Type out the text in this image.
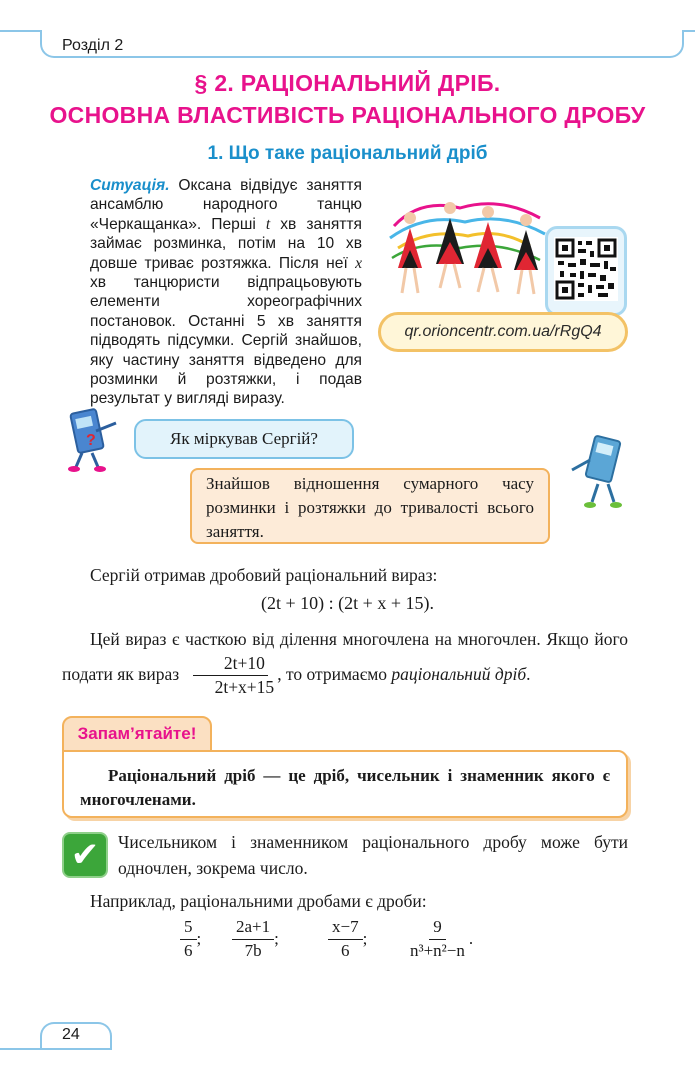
Розділ 2
§ 2. РАЦІОНАЛЬНИЙ ДРІБ.
ОСНОВНА ВЛАСТИВІСТЬ РАЦІОНАЛЬНОГО ДРОБУ
1. Що таке раціональний дріб
Ситуація. Оксана відвідує заняття ансамблю народного танцю «Черкащанка». Перші t хв заняття займає розминка, потім на 10 хв довше триває розтяжка. Після неї x хв танцюристи відпрацьовують елементи хореографічних постановок. Останні 5 хв заняття підводять підсумки. Сергій знайшов, яку частину заняття відведено для розминки й розтяжки, і подав результат у вигляді виразу.
qr.orioncentr.com.ua/rRgQ4
?	Як міркував Сергій?
Знайшов відношення сумарного часу розминки і розтяжки до тривалості всього заняття.
Сергій отримав дробовий раціональний вираз:
(2t + 10) : (2t + x + 15).
Цей вираз є часткою від ділення многочлена на многочлен. Якщо його подати як вираз $\frac{2t+10}{2t+x+15}$ , то отримаємо раціональний дріб.
Запам’ятайте!
Раціональний дріб — це дріб, чисельник і знаменник якого є многочленами.
✔	Чисельником і знаменником раціонального дробу може бути одночлен, зокрема число.
Наприклад, раціональними дробами є дроби:
$\frac{5}{6}$ ; $\frac{2a+1}{7b}$ ;	$\frac{x-7}{6}$ ; $\frac{9}{\text{n³+n²−n}}$ .
24
